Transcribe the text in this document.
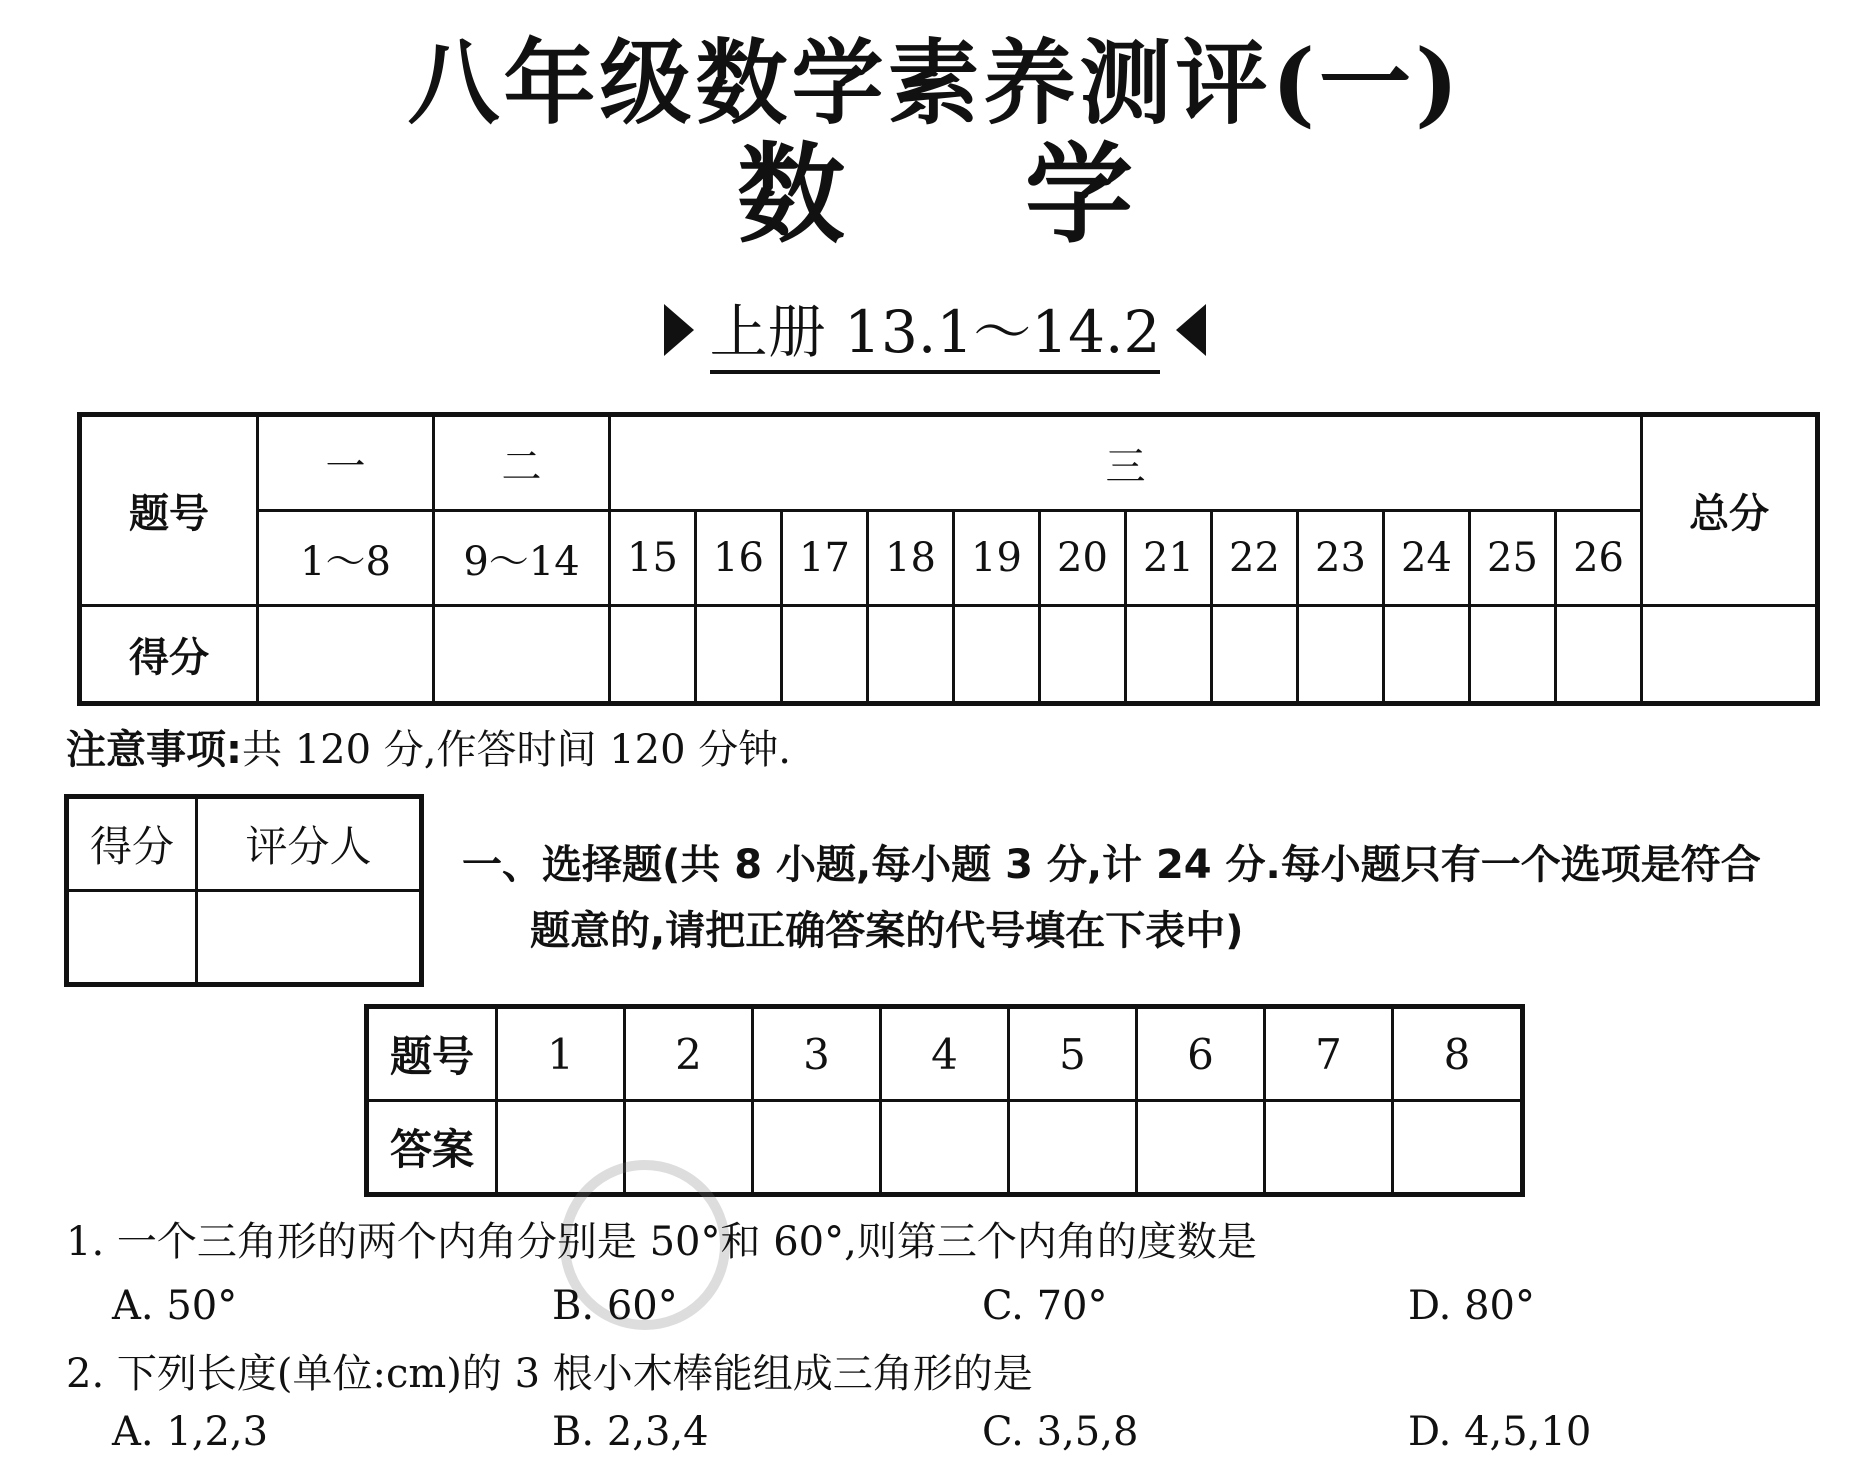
八年级数学素养测评(一)
数学
上册 13.1～14.2
题号	一	二	三												总分
	1～8	9～14	15	16	17	18	19	20	21	22	23	24	25	26	
得分															
注意事项:共 120 分,作答时间 120 分钟.
得分	评分人
	一、选择题(共 8 小题,每小题 3 分,计 24 分.每小题只有一个选项是符合
题意的,请把正确答案的代号填在下表中)
题号	1	2	3	4	5	6	7	8
答案								
1. 一个三角形的两个内角分别是 50°和 60°,则第三个内角的度数是
A. 50°	B. 60°	C. 70°	D. 80°
2. 下列长度(单位:cm)的 3 根小木棒能组成三角形的是
A. 1,2,3	B. 2,3,4	C. 3,5,8	D. 4,5,10
